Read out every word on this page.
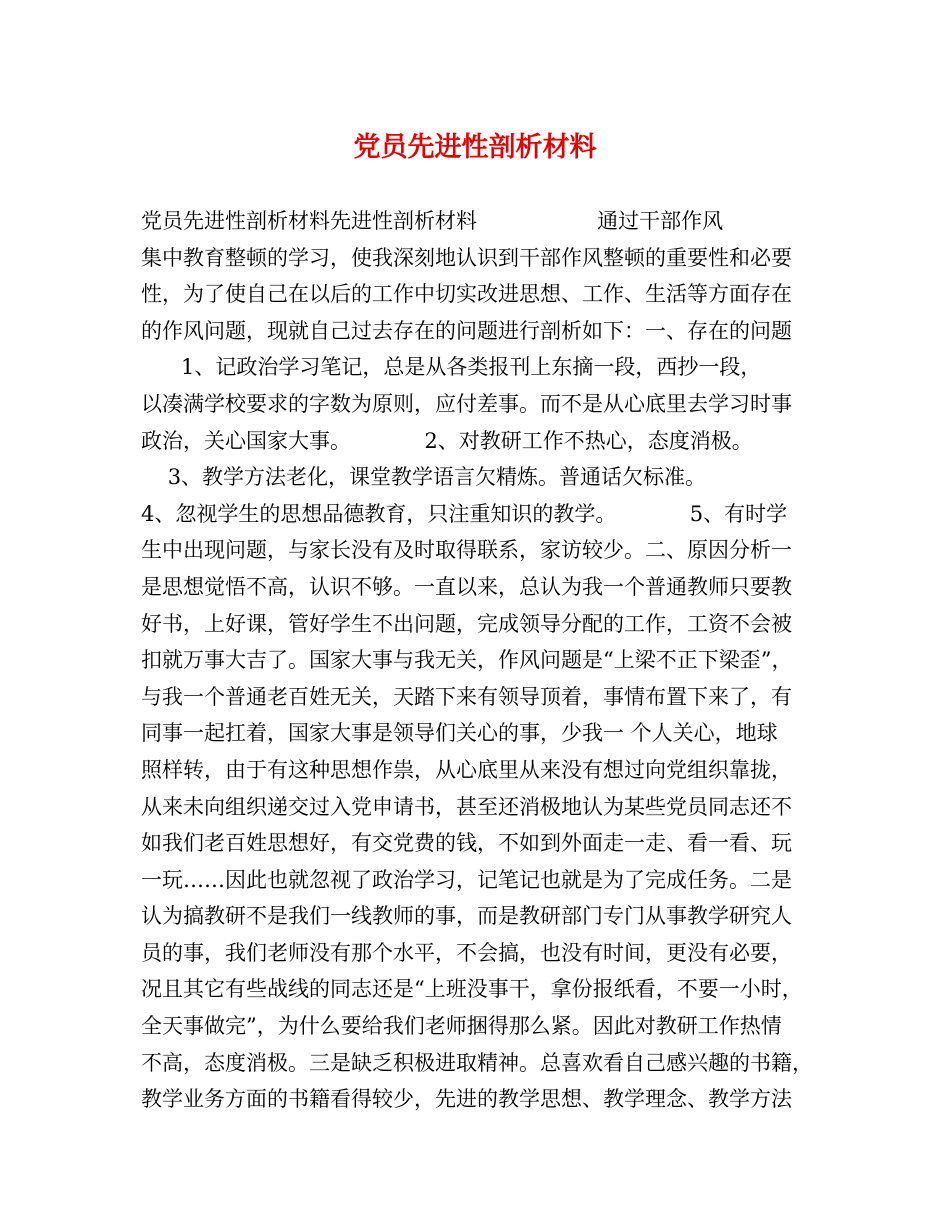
党员先进性剖析材料
党员先进性剖析材料先进性剖析材料                  通过干部作风
集中教育整顿的学习，使我深刻地认识到干部作风整顿的重要性和必要
性，为了使自己在以后的工作中切实改进思想、工作、生活等方面存在
的作风问题，现就自己过去存在的问题进行剖析如下：一、存在的问题
1、记政治学习笔记，总是从各类报刊上东摘一段，西抄一段，
以凑满学校要求的字数为原则，应付差事。而不是从心底里去学习时事
政治，关心国家大事。           2、对教研工作不热心，态度消极。
3、教学方法老化，课堂教学语言欠精炼。普通话欠标准。
4、忽视学生的思想品德教育，只注重知识的教学。           5、有时学
生中出现问题，与家长没有及时取得联系，家访较少。二、原因分析一
是思想觉悟不高，认识不够。一直以来，总认为我一个普通教师只要教
好书，上好课，管好学生不出问题，完成领导分配的工作，工资不会被
扣就万事大吉了。国家大事与我无关，作风问题是“上梁不正下梁歪”，
与我一个普通老百姓无关，天踏下来有领导顶着，事情布置下来了，有
同事一起扛着，国家大事是领导们关心的事，少我一 个人关心，地球
照样转，由于有这种思想作祟，从心底里从来没有想过向党组织靠拢，
从来未向组织递交过入党申请书，甚至还消极地认为某些党员同志还不
如我们老百姓思想好，有交党费的钱，不如到外面走一走、看一看、玩
一玩……因此也就忽视了政治学习，记笔记也就是为了完成任务。二是
认为搞教研不是我们一线教师的事，而是教研部门专门从事教学研究人
员的事，我们老师没有那个水平，不会搞，也没有时间，更没有必要，
况且其它有些战线的同志还是“上班没事干，拿份报纸看，不要一小时，
全天事做完”，为什么要给我们老师捆得那么紧。因此对教研工作热情
不高，态度消极。三是缺乏积极进取精神。总喜欢看自己感兴趣的书籍，
教学业务方面的书籍看得较少，先进的教学思想、教学理念、教学方法
